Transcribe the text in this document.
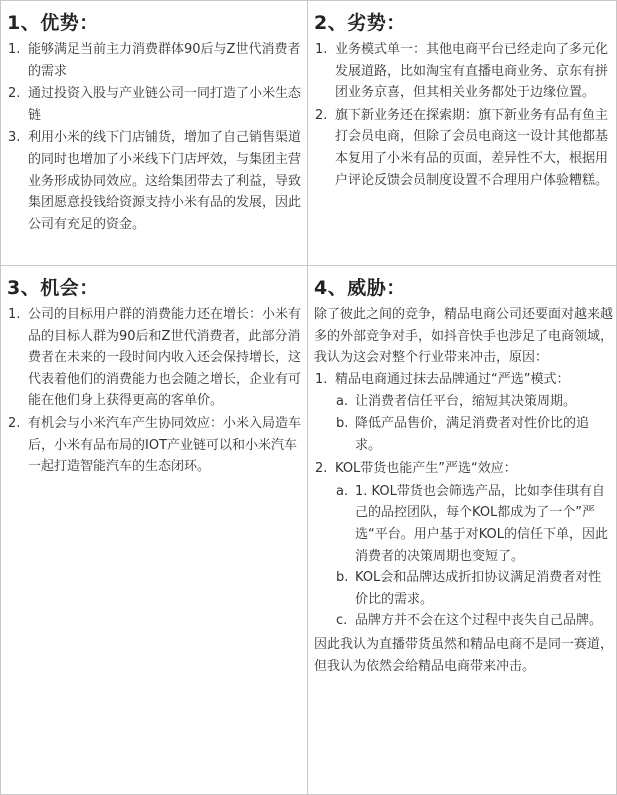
1、优势：
1. 能够满足当前主力消费群体90后与Z世代消费者的需求
2. 通过投资入股与产业链公司一同打造了小米生态链
3. 利用小米的线下门店铺货，增加了自己销售渠道的同时也增加了小米线下门店坪效，与集团主营业务形成协同效应。这给集团带去了利益，导致集团愿意投钱给资源支持小米有品的发展，因此公司有充足的资金。
2、劣势：
1. 业务模式单一：其他电商平台已经走向了多元化发展道路，比如淘宝有直播电商业务、京东有拼团业务京喜，但其相关业务都处于边缘位置。
2. 旗下新业务还在探索期：旗下新业务有品有鱼主打会员电商，但除了会员电商这一设计其他都基本复用了小米有品的页面，差异性不大，根据用户评论反馈会员制度设置不合理用户体验糟糕。
3、机会：
1. 公司的目标用户群的消费能力还在增长：小米有品的目标人群为90后和Z世代消费者，此部分消费者在未来的一段时间内收入还会保持增长，这代表着他们的消费能力也会随之增长，企业有可能在他们身上获得更高的客单价。
2. 有机会与小米汽车产生协同效应：小米入局造车后，小米有品布局的IOT产业链可以和小米汽车一起打造智能汽车的生态闭环。
4、威胁：

除了彼此之间的竞争，精品电商公司还要面对越来越多的外部竞争对手，如抖音快手也涉足了电商领域，我认为这会对整个行业带来冲击，原因：

1. 精品电商通过抹去品牌通过“严选”模式：
a. 让消费者信任平台，缩短其决策周期。
b. 降低产品售价，满足消费者对性价比的追求。
2. KOL带货也能产生”严选“效应：
a. 1. KOL带货也会筛选产品，比如李佳琪有自己的品控团队，每个KOL都成为了一个”严选“平台。用户基于对KOL的信任下单，因此消费者的决策周期也变短了。
b. KOL会和品牌达成折扣协议满足消费者对性价比的需求。
c. 品牌方并不会在这个过程中丧失自己品牌。

因此我认为直播带货虽然和精品电商不是同一赛道，但我认为依然会给精品电商带来冲击。
